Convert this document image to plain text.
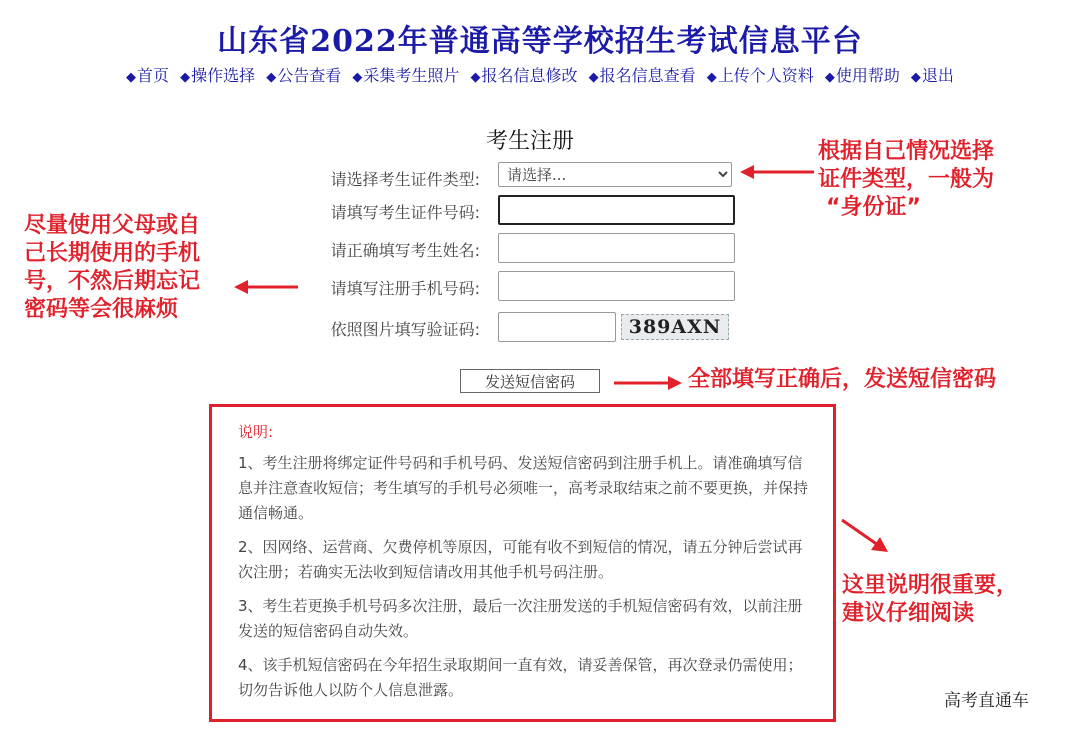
山东省2022年普通高等学校招生考试信息平台
◆首页 ◆操作选择 ◆公告查看 ◆采集考生照片 ◆报名信息修改 ◆报名信息查看 ◆上传个人资料 ◆使用帮助 ◆退出
考生注册
请选择考生证件类型:
请选择...
请填写考生证件号码:
请正确填写考生姓名:
请填写注册手机号码:
依照图片填写验证码:	389AXN
发送短信密码
说明:

1、考生注册将绑定证件号码和手机号码、发送短信密码到注册手机上。请准确填写信息并注意查收短信；考生填写的手机号必须唯一，高考录取结束之前不要更换，并保持通信畅通。

2、因网络、运营商、欠费停机等原因，可能有收不到短信的情况，请五分钟后尝试再次注册；若确实无法收到短信请改用其他手机号码注册。

3、考生若更换手机号码多次注册，最后一次注册发送的手机短信密码有效，以前注册发送的短信密码自动失效。

4、该手机短信密码在今年招生录取期间一直有效，请妥善保管，再次登录仍需使用；切勿告诉他人以防个人信息泄露。

根据自己情况选择
证件类型，一般为
“身份证”
尽量使用父母或自
己长期使用的手机
号，不然后期忘记
密码等会很麻烦
全部填写正确后，发送短信密码
这里说明很重要，
建议仔细阅读
高考直通车
